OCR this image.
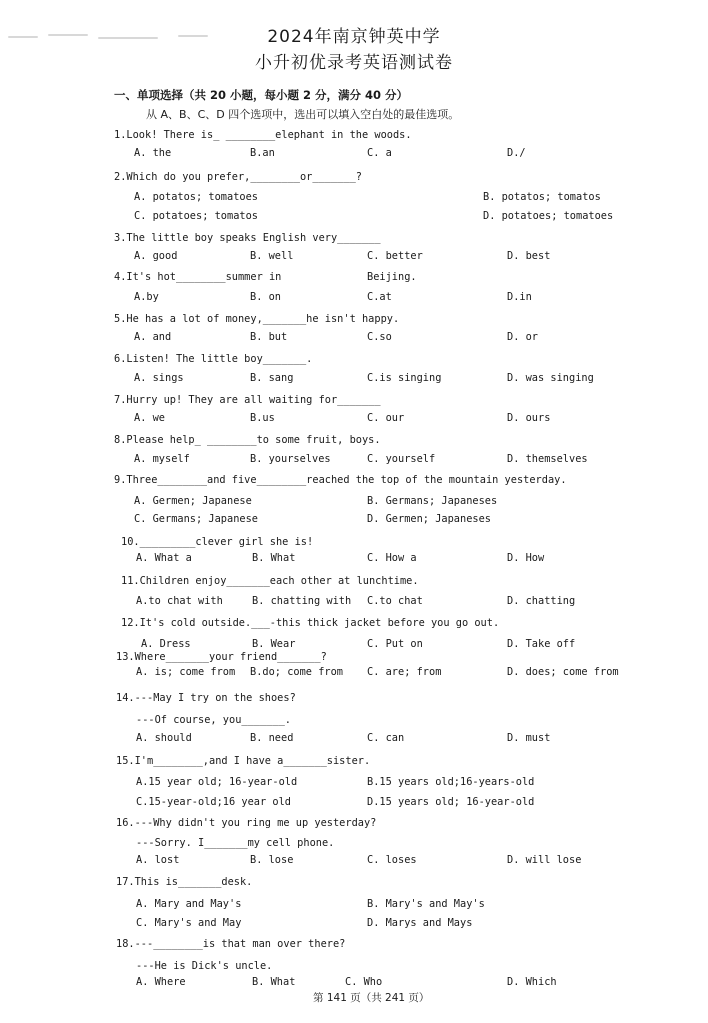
2024年南京钟英中学
小升初优录考英语测试卷
一、单项选择（共 20 小题，每小题 2 分，满分 40 分）
从 A、B、C、D 四个选项中，选出可以填入空白处的最佳选项。
1.Look! There is_ ________elephant in the woods.
A. the	B.an	C. a	D./
2.Which do you prefer,________or_______?
A. potatos; tomatoes	B. potatos; tomatos
C. potatoes; tomatos	D. potatoes; tomatoes
3.The little boy speaks English very_______
A. good	B. well	C. better	D. best
4.It's hot________summer in	Beijing.
A.by	B. on	C.at	D.in
5.He has a lot of money,_______he isn't happy.
A. and	B. but	C.so	D. or
6.Listen! The little boy_______.
A. sings	B. sang	C.is singing	D. was singing
7.Hurry up! They are all waiting for_______
A. we	B.us	C. our	D. ours
8.Please help_ ________to some fruit, boys.
A. myself	B. yourselves	C. yourself	D. themselves
9.Three________and five________reached the top of the mountain yesterday.
A. Germen; Japanese	B. Germans; Japaneses
C. Germans; Japanese	D. Germen; Japaneses
10._________clever girl she is!
A. What a	B. What	C. How a	D. How
11.Children enjoy_______each other at lunchtime.
A.to chat with	B. chatting with C.to chat	D. chatting
12.It's cold outside.___-this thick jacket before you go out.
A. Dress	B. Wear	C. Put on	D. Take off
13.Where_______your friend_______?
A. is; come from B.do; come from C. are; from	D. does; come from
14.---May I try on the shoes?
---Of course, you_______.
A. should	B. need	C. can	D. must
15.I'm________,and I have a_______sister.
A.15 year old; 16-year-old	B.15 years old;16-years-old
C.15-year-old;16 year old	D.15 years old; 16-year-old
16.---Why didn't you ring me up yesterday?
---Sorry. I_______my cell phone.
A. lost	B. lose	C. loses	D. will lose
17.This is_______desk.
A. Mary and May's	B. Mary's and May's
C. Mary's and May	D. Marys and Mays
18.---________is that man over there?
---He is Dick's uncle.
A. Where	B. What	C. Who	D. Which
第 141 页（共 241 页）
